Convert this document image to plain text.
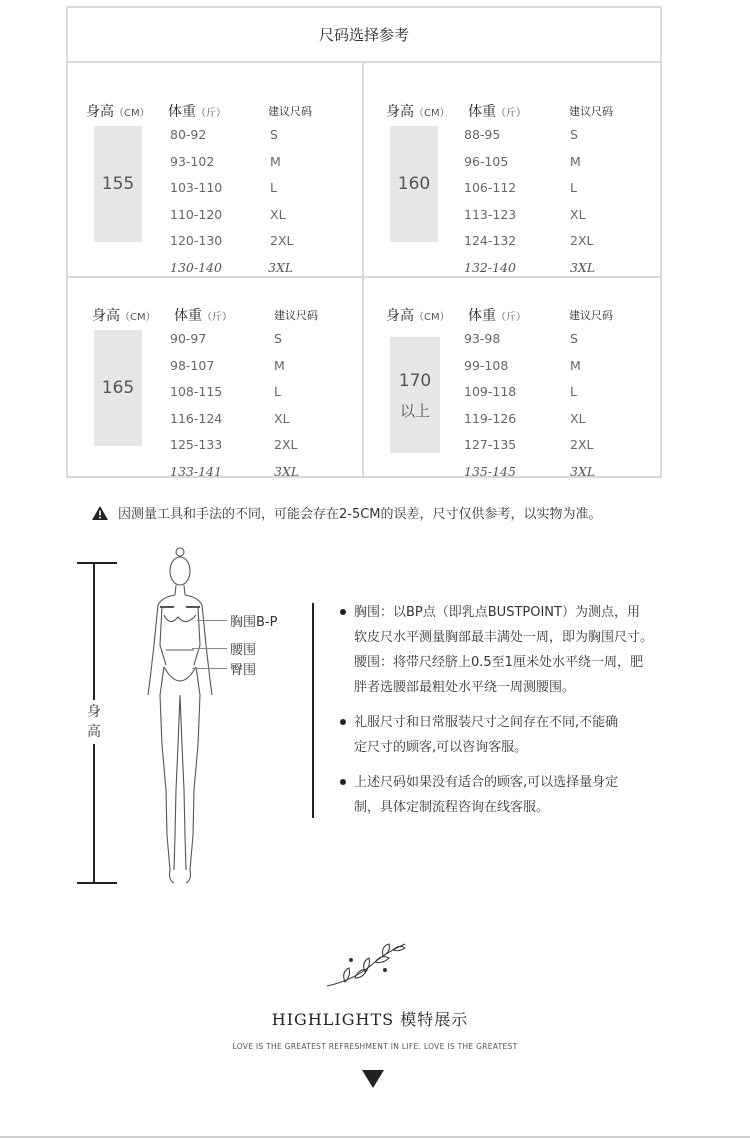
尺码选择参考
身高（CM） 体重（斤）	建议尺码
155
80-92	S
93-102	M
103-110	L
110-120	XL
120-130	2XL
130-140	3XL
身高（CM） 体重（斤）	建议尺码
160
88-95	S
96-105	M
106-112	L
113-123	XL
124-132	2XL
132-140	3XL
身高（CM） 体重（斤）	建议尺码
165
90-97	S
98-107	M
108-115	L
116-124	XL
125-133	2XL
133-141	3XL
身高（CM） 体重（斤）	建议尺码
170
以上
93-98	S
99-108	M
109-118	L
119-126	XL
127-135	2XL
135-145	3XL
因测量工具和手法的不同，可能会存在2-5CM的误差，尺寸仅供参考，以实物为准。
身高
胸围B-P
腰围
臀围

胸围：以BP点（即乳点BUSTPOINT）为测点，用

软皮尺水平测量胸部最丰满处一周，即为胸围尺寸。

腰围：将带尺经脐上0.5至1厘米处水平绕一周，肥

胖者选腰部最粗处水平绕一周测腰围。

礼服尺寸和日常服装尺寸之间存在不同,不能确

定尺寸的顾客,可以咨询客服。

上述尺码如果没有适合的顾客,可以选择量身定

制，具体定制流程咨询在线客服。

HIGHLIGHTS 模特展示
LOVE IS THE GREATEST REFRESHMENT IN LIFE. LOVE IS THE GREATEST
